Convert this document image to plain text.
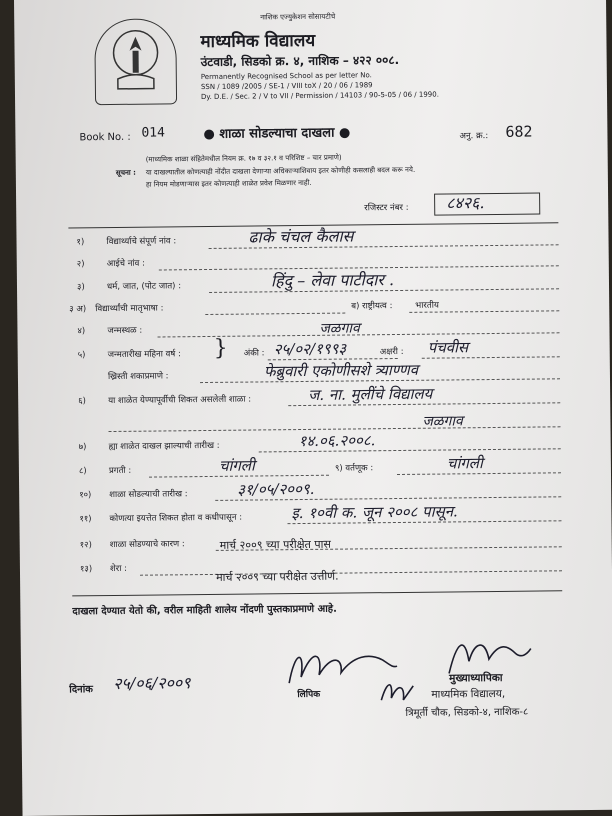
नाशिक एज्युकेशन सोसायटीचे
माध्यमिक विद्यालय
उंटवाडी, सिडको क्र. ४, नाशिक – ४२२ ००८.
Permanently Recognised School as per letter No.
SSN / 1089 /2005 / SE-1 / VIII toX / 20 / 06 / 1989
Dy. D.E. / Sec. 2 / V to VII / Permission / 14103 / 90-5-05 / 06 / 1990.
Book No. : 014	● शाळा सोडल्याचा दाखला ●	अनु. क्र.: 682
(माध्यमिक शाळा संहितेमधील नियम क्र. १७ व ३२.१ व परिशिष्ट – चार प्रमाणे)
सूचना : या दाखल्यातील कोणत्याही नोंदीत दाखला देणाऱ्या अधिकाऱ्याशिवाय इतर कोणीही कसलाही बदल करू नये.
हा नियम मोडणाऱ्यास इतर कोणत्याही शाळेत प्रवेश मिळणार नाही.
रजिस्टर नंबर : ८४२६.
१)	विद्यार्थ्याचे संपूर्ण नांव :	ढाके चंचल कैलास
२)	आईचे नांव :
३)	धर्म, जात, (पोट जात) :	हिंदु – लेवा पाटीदार .
३ अ) विद्यार्थ्यांची मातृभाषा :	ब) राष्ट्रीयत्व :	भारतीय
४)	जन्मस्थळ :	जळगाव
५)	जन्मतारीख महिना वर्ष : } अंकी : २५/०२/१९९३	अक्षरी : पंचवीस
ख्रिस्ती शकाप्रमाणे :	फेब्रुवारी एकोणीसशे त्र्याण्णव
६)	या शाळेत येण्यापूर्वीची शिकत असलेली शाळा :	ज. ना. मुलींचे विद्यालय
जळगाव
७)	ह्या शाळेत दाखल झाल्याची तारीख :	१४.०६.२००८.
८)	प्रगती :	चांगली	९) वर्तणूक :	चांगली
१०) शाळा सोडल्याची तारीख :	३१/०५/२००९.
११) कोणत्या इयत्तेत शिकत होता व कधीपासून :	इ. १०वी क. जून २००८ पासून.
१२) शाळा सोडण्याचे कारण :	मार्च २००९ च्या परीक्षेत पास
१३) शेरा :
मार्च २००९ च्या परीक्षेत उत्तीर्ण.
दाखला देण्यात येतो की, वरील माहिती शालेय नोंदणी पुस्तकाप्रमाणे आहे.
दिनांक २५/०६/२००९
लिपिक
मुख्याध्यापिका
माध्यमिक विद्यालय,
त्रिमूर्ती चौक, सिडको-४, नाशिक-८
